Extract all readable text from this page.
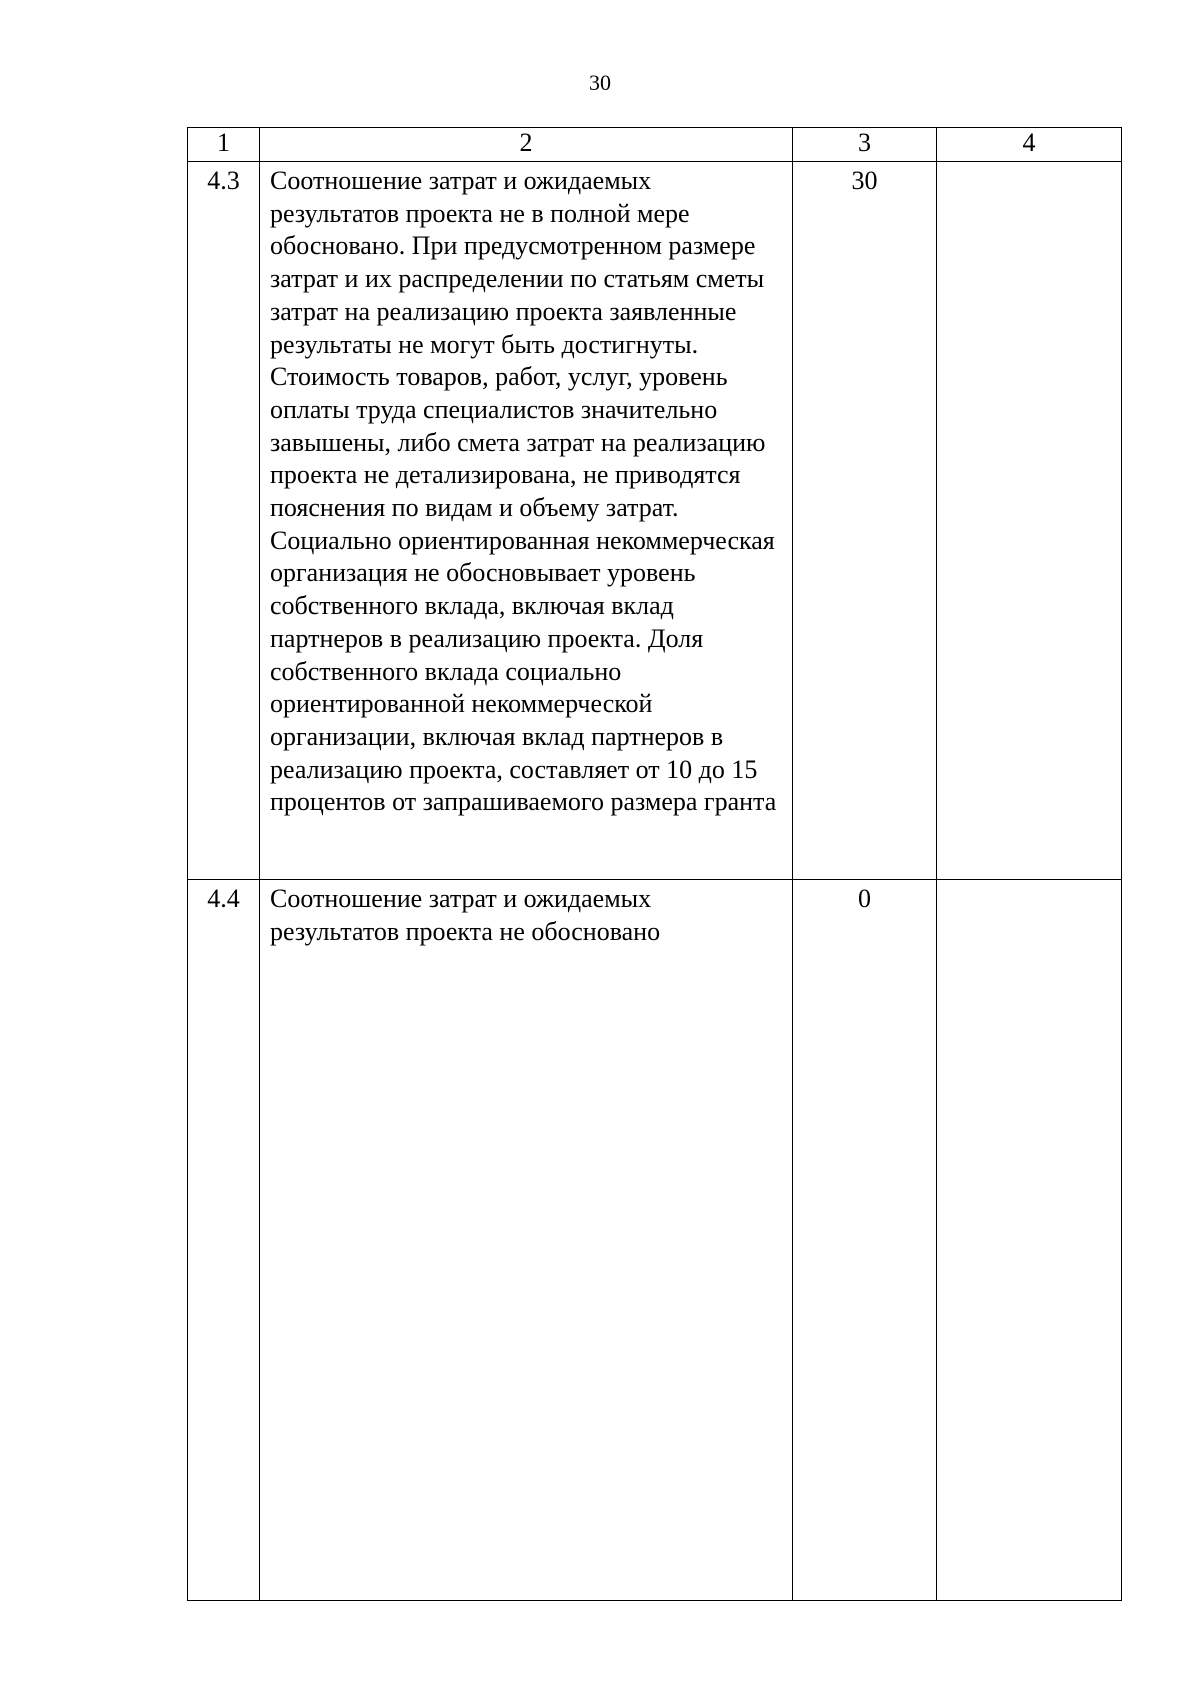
30
1	2	3	4
4.3	Соотношение затрат и ожидаемых результатов проекта не в полной мере обосновано. При предусмотренном размере затрат и их распределении по статьям сметы затрат на реализацию проекта заявленные результаты не могут быть достигнуты. Стоимость товаров, работ, услуг, уровень оплаты труда специалистов значительно завышены, либо смета затрат на реализацию проекта не детализирована, не приводятся пояснения по видам и объему затрат. Социально ориентированная некоммерческая организация не обосновывает уровень собственного вклада, включая вклад партнеров в реализацию проекта. Доля собственного вклада социально ориентированной некоммерческой организации, включая вклад партнеров в реализацию проекта, составляет от 10 до 15 процентов от запрашиваемого размера гранта	30	
4.4	Соотношение затрат и ожидаемых результатов проекта не обосновано	0	
